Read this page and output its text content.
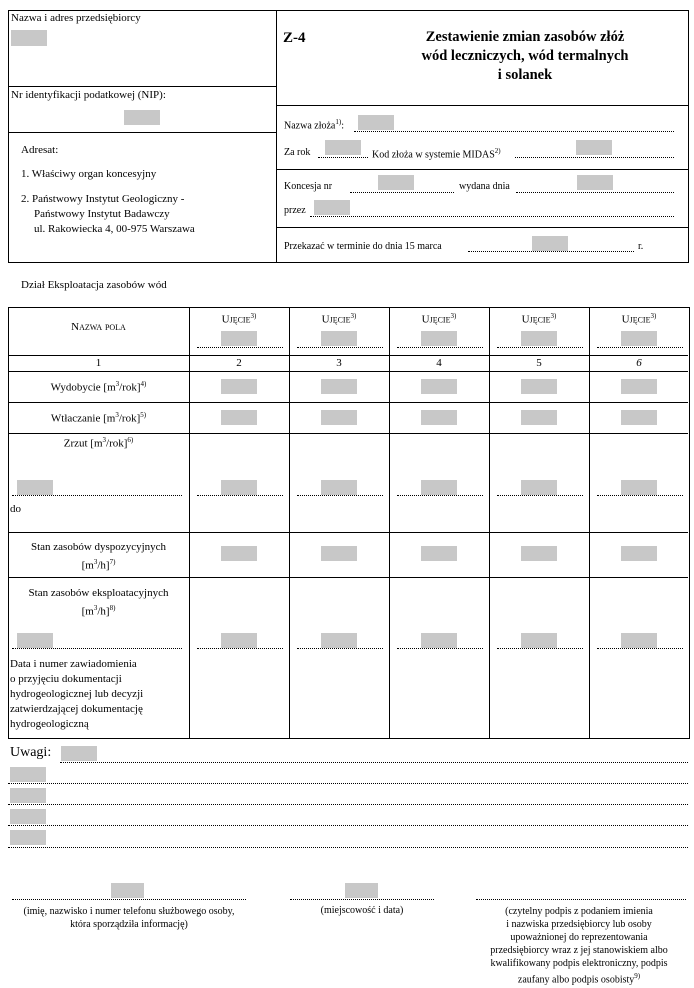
Nazwa i adres przedsiębiorcy
Nr identyfikacji podatkowej (NIP):
Adresat:
1. Właściwy organ koncesyjny
2. Państwowy Instytut Geologiczny -
Państwowy Instytut Badawczy
ul. Rakowiecka 4, 00-975 Warszawa
Z-4	Zestawienie zmian zasobów złóż
wód leczniczych, wód termalnych
i solanek
Nazwa złoża$^{1)}$:
Za rok	Kod złoża w systemie MIDAS$^{2)}$
Koncesja nr	wydana dnia
przez
Przekazać w terminie do dnia 15 marca	r.
Dział Eksploatacja zasobów wód
Nazwa pola
Ujęcie$^{3)}$	Ujęcie$^{3)}$	Ujęcie$^{3)}$	Ujęcie$^{3)}$	Ujęcie$^{3)}$
1	2	3	4	5	6
Wydobycie $[m^3/rok]^{4)}$
Wtłaczanie $[m^3/rok]^{5)}$
Zrzut $[m^3/rok]^{6)}$
do
Stan zasobów dyspozycyjnych
$[m^3/h]^{7)}$
Stan zasobów eksploatacyjnych
$[m^3/h]^{8)}$
Data i numer zawiadomienia
o przyjęciu dokumentacji
hydrogeologicznej lub decyzji
zatwierdzającej dokumentację
hydrogeologiczną
Uwagi:
(imię, nazwisko i numer telefonu służbowego osoby,
która sporządziła informację)
(miejscowość i data)	(czytelny podpis z podaniem imienia
i nazwiska przedsiębiorcy lub osoby
upoważnionej do reprezentowania
przedsiębiorcy wraz z jej stanowiskiem albo
kwalifikowany podpis elektroniczny, podpis
zaufany albo podpis osobisty$^{9)}$
